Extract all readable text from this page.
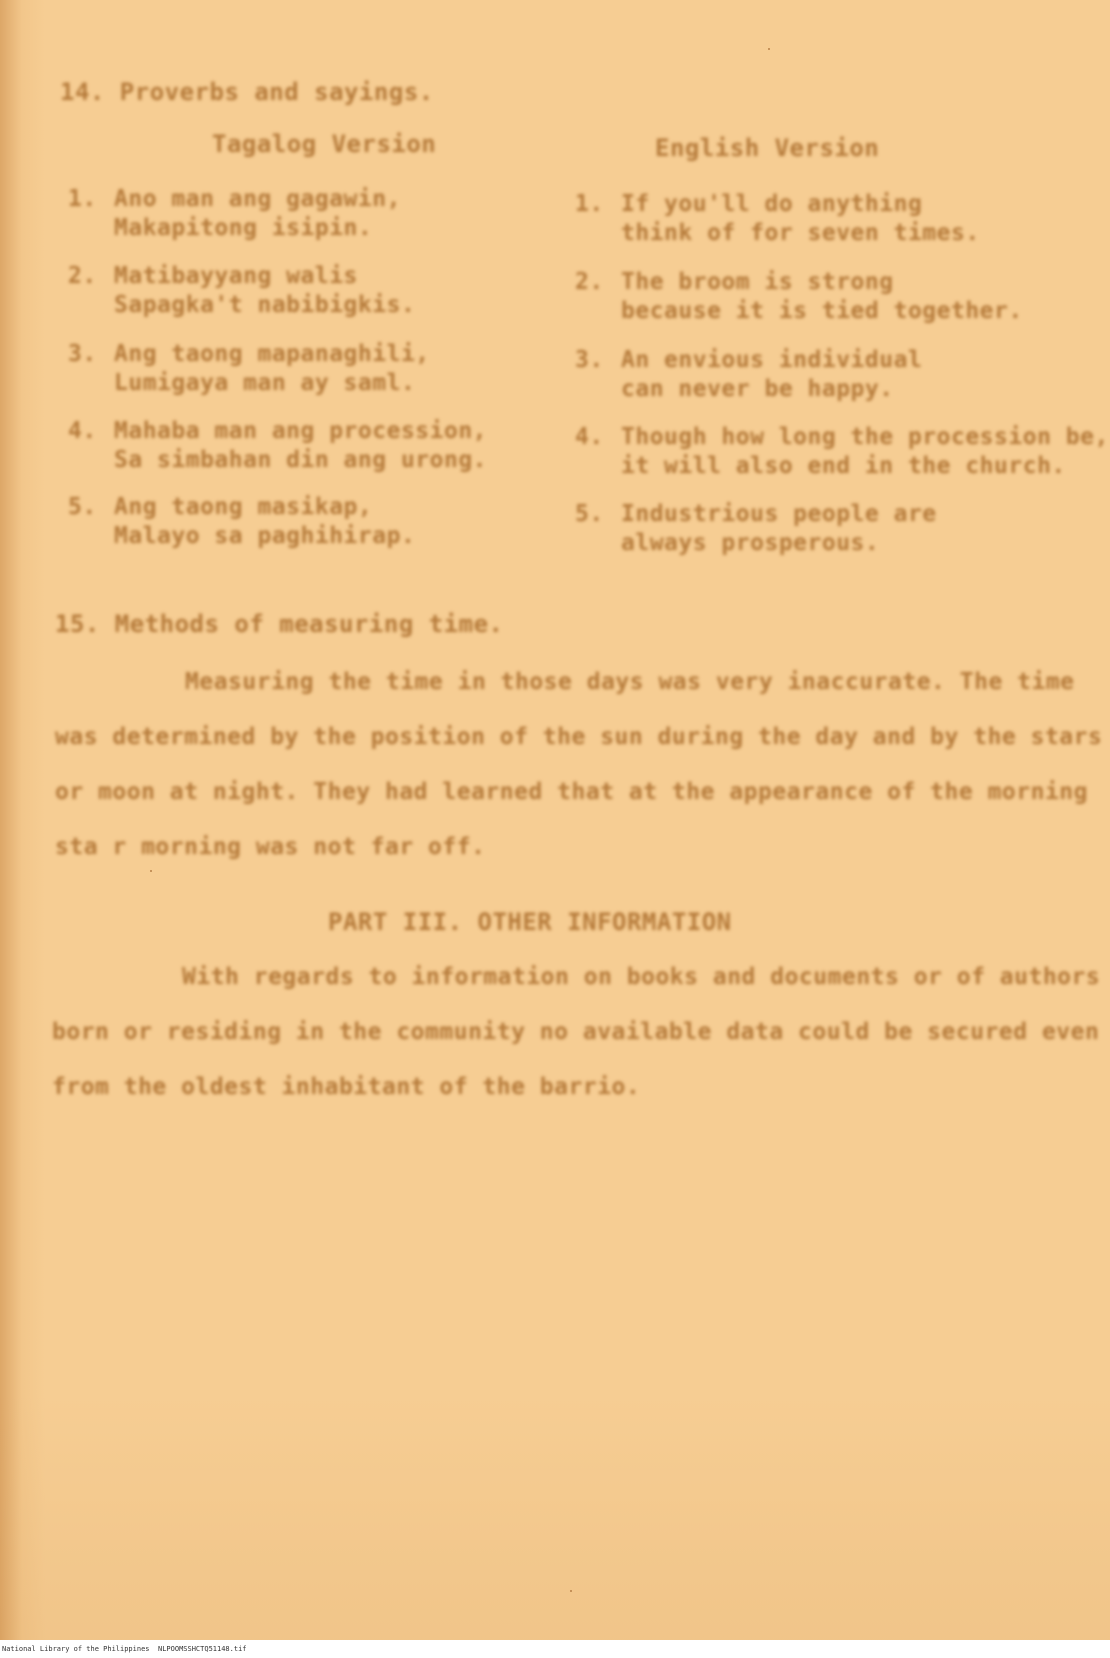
14. Proverbs and sayings.
Tagalog Version	English Version
1. Ano man ang gagawin,
Makapitong isipin.
2. Matibayyang walis
Sapagka't nabibigkis.
3. Ang taong mapanaghili,
Lumigaya man ay saml.
4. Mahaba man ang procession,
Sa simbahan din ang urong.
5. Ang taong masikap,
Malayo sa paghihirap.
1. If you'll do anything
think of for seven times.
2. The broom is strong
because it is tied together.
3. An envious individual
can never be happy.
4. Though how long the procession be,
it will also end in the church.
5. Industrious people are
always prosperous.
15. Methods of measuring time.
Measuring the time in those days was very inaccurate. The time
was determined by the position of the sun during the day and by the stars
or moon at night. They had learned that at the appearance of the morning
sta r morning was not far off.
PART III. OTHER INFORMATION
With regards to information on books and documents or of authors
born or residing in the community no available data could be secured even
from the oldest inhabitant of the barrio.
National Library of the Philippines NLPOOMSSHCTQ51148.tif
